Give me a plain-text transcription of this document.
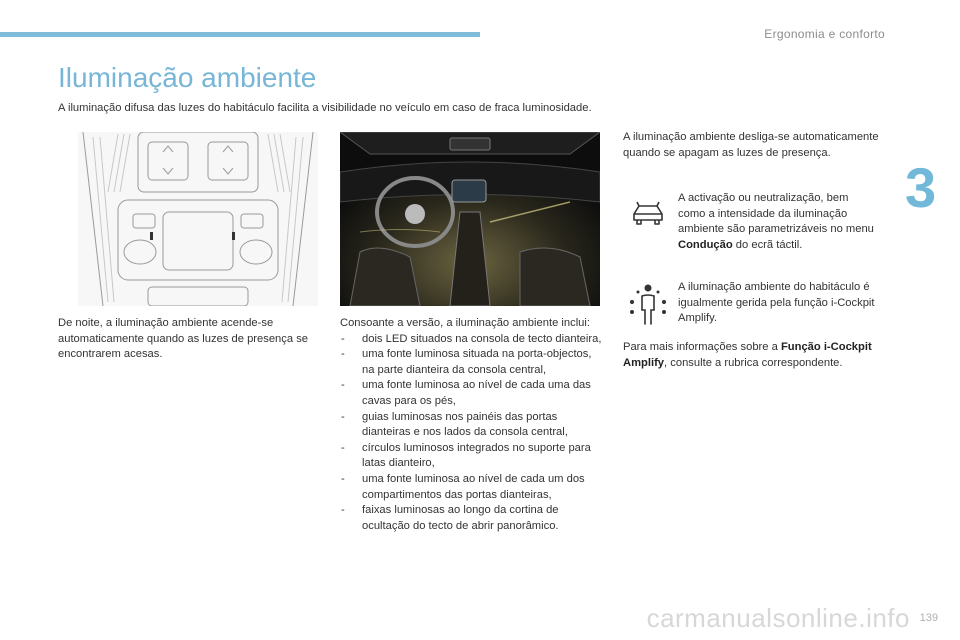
Ergonomia e conforto
3
Iluminação ambiente
A iluminação difusa das luzes do habitáculo facilita a visibilidade no veículo em caso de fraca luminosidade.
De noite, a iluminação ambiente acende-se automaticamente quando as luzes de presença se encontrarem acesas.
Consoante a versão, a iluminação ambiente inclui:
- dois LED situados na consola de tecto dianteira,
- uma fonte luminosa situada na porta-objectos, na parte dianteira da consola central,
- uma fonte luminosa ao nível de cada uma das cavas para os pés,
- guias luminosas nos painéis das portas dianteiras e nos lados da consola central,
- círculos luminosos integrados no suporte para latas dianteiro,
- uma fonte luminosa ao nível de cada um dos compartimentos das portas dianteiras,
- faixas luminosas ao longo da cortina de ocultação do tecto de abrir panorâmico.
A iluminação ambiente desliga-se automaticamente quando se apagam as luzes de presença.
A activação ou neutralização, bem como a intensidade da iluminação ambiente são parametrizáveis no menu Condução do ecrã táctil.
A iluminação ambiente do habitáculo é igualmente gerida pela função i-Cockpit Amplify.
Para mais informações sobre a Função i-Cockpit Amplify, consulte a rubrica correspondente.
carmanualsonline.info 139
